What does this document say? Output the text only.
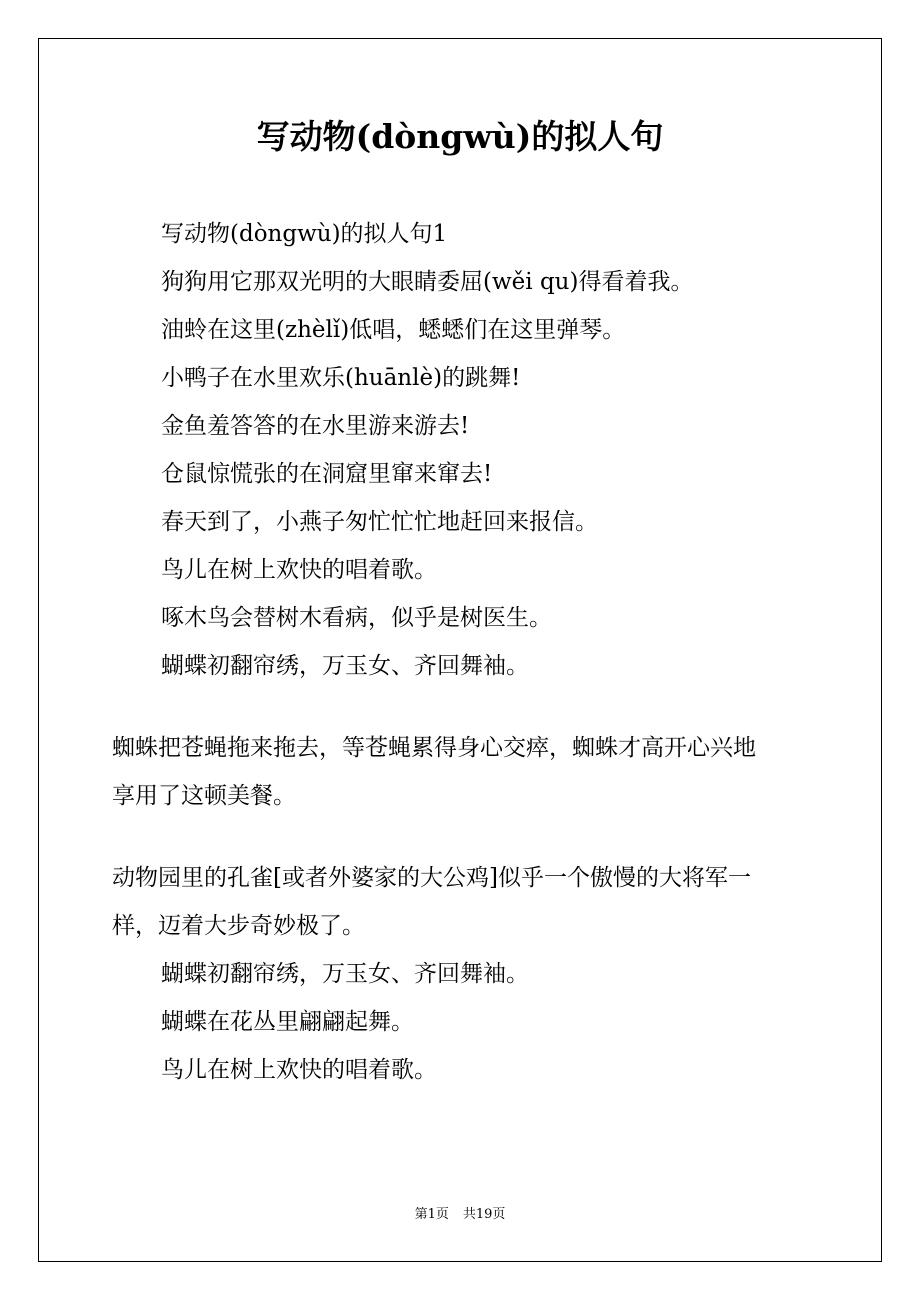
写动物(dòngwù)的拟人句
写动物(dòngwù)的拟人句1
狗狗用它那双光明的大眼睛委屈(wěi qu)得看着我。
油蛉在这里(zhèlǐ)低唱，蟋蟋们在这里弹琴。
小鸭子在水里欢乐(huānlè)的跳舞!
金鱼羞答答的在水里游来游去!
仓鼠惊慌张的在洞窟里窜来窜去!
春天到了，小燕子匆忙忙忙地赶回来报信。
鸟儿在树上欢快的唱着歌。
啄木鸟会替树木看病，似乎是树医生。
蝴蝶初翻帘绣，万玉女、齐回舞袖。
蜘蛛把苍蝇拖来拖去，等苍蝇累得身心交瘁，蜘蛛才高开心兴地
享用了这顿美餐。
动物园里的孔雀[或者外婆家的大公鸡]似乎一个傲慢的大将军一
样，迈着大步奇妙极了。
蝴蝶初翻帘绣，万玉女、齐回舞袖。
蝴蝶在花丛里翩翩起舞。
鸟儿在树上欢快的唱着歌。
第1页 共19页
